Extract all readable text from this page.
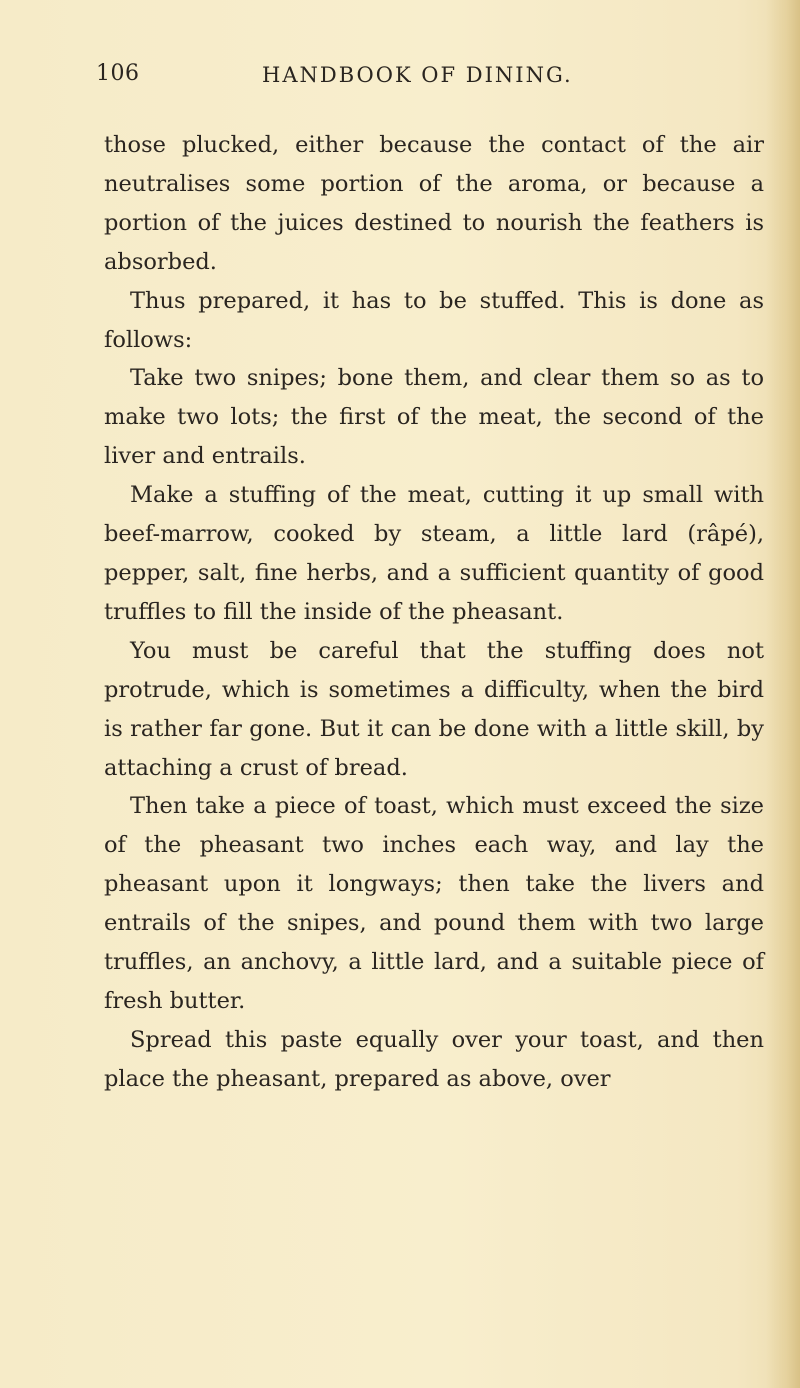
106	HANDBOOK OF DINING.

those plucked, either because the contact of the air neutralises some portion of the aroma, or because a portion of the juices destined to nourish the feathers is absorbed.

Thus prepared, it has to be stuffed. This is done as follows:

Take two snipes; bone them, and clear them so as to make two lots; the first of the meat, the second of the liver and entrails.

Make a stuffing of the meat, cutting it up small with beef-marrow, cooked by steam, a little lard (râpé), pepper, salt, fine herbs, and a sufficient quantity of good truffles to fill the inside of the pheasant.

You must be careful that the stuffing does not protrude, which is sometimes a difficulty, when the bird is rather far gone. But it can be done with a little skill, by attaching a crust of bread.

Then take a piece of toast, which must exceed the size of the pheasant two inches each way, and lay the pheasant upon it longways; then take the livers and entrails of the snipes, and pound them with two large truffles, an anchovy, a little lard, and a suitable piece of fresh butter.

Spread this paste equally over your toast, and then place the pheasant, prepared as above, over
